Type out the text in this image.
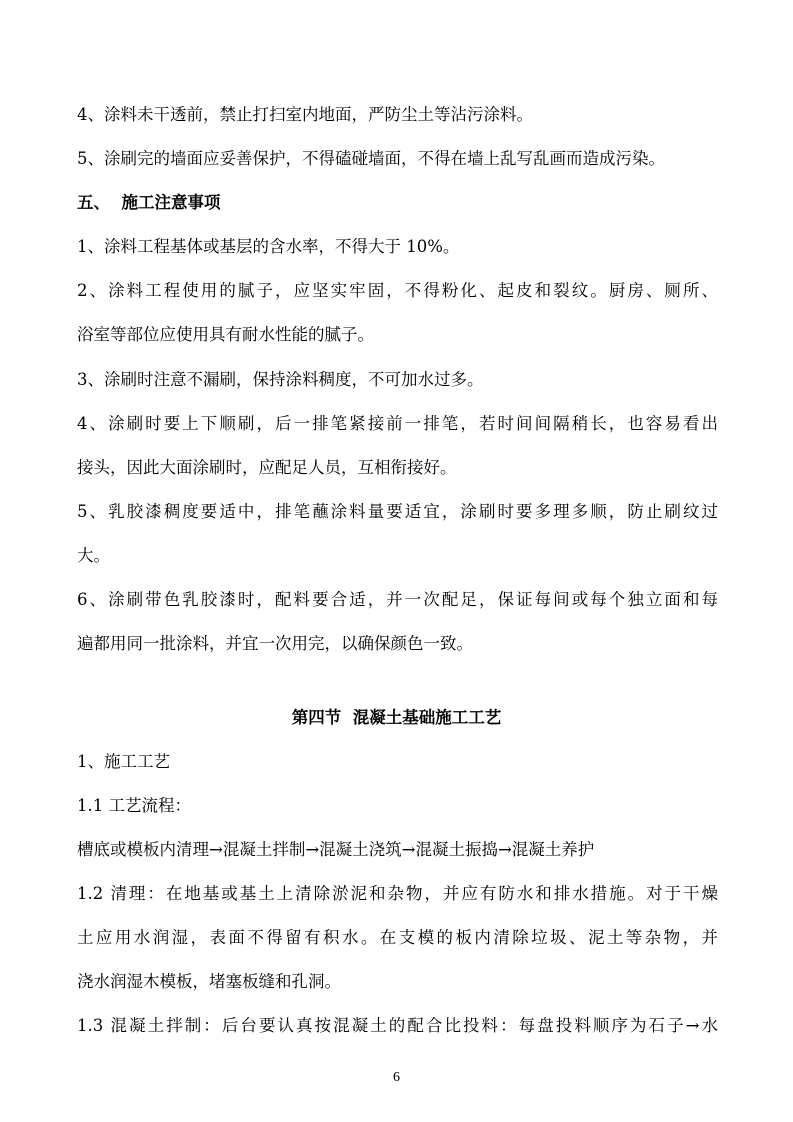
4、涂料未干透前，禁止打扫室内地面，严防尘土等沾污涂料。
5、涂刷完的墙面应妥善保护，不得磕碰墙面，不得在墙上乱写乱画而造成污染。
五、 施工注意事项
1、涂料工程基体或基层的含水率，不得大于 10%。
2、涂料工程使用的腻子，应坚实牢固，不得粉化、起皮和裂纹。厨房、厕所、
浴室等部位应使用具有耐水性能的腻子。
3、涂刷时注意不漏刷，保持涂料稠度，不可加水过多。
4、涂刷时要上下顺刷，后一排笔紧接前一排笔，若时间间隔稍长，也容易看出
接头，因此大面涂刷时，应配足人员，互相衔接好。
5、乳胶漆稠度要适中，排笔蘸涂料量要适宜，涂刷时要多理多顺，防止刷纹过
大。
6、涂刷带色乳胶漆时，配料要合适，并一次配足，保证每间或每个独立面和每
遍都用同一批涂料，并宜一次用完，以确保颜色一致。
第四节 混凝土基础施工工艺
1、施工工艺
1.1 工艺流程：
槽底或模板内清理→混凝土拌制→混凝土浇筑→混凝土振捣→混凝土养护
1.2 清理：在地基或基土上清除淤泥和杂物，并应有防水和排水措施。对于干燥
土应用水润湿，表面不得留有积水。在支模的板内清除垃圾、泥土等杂物，并
浇水润湿木模板，堵塞板缝和孔洞。
1.3 混凝土拌制：后台要认真按混凝土的配合比投料：每盘投料顺序为石子→水
6
